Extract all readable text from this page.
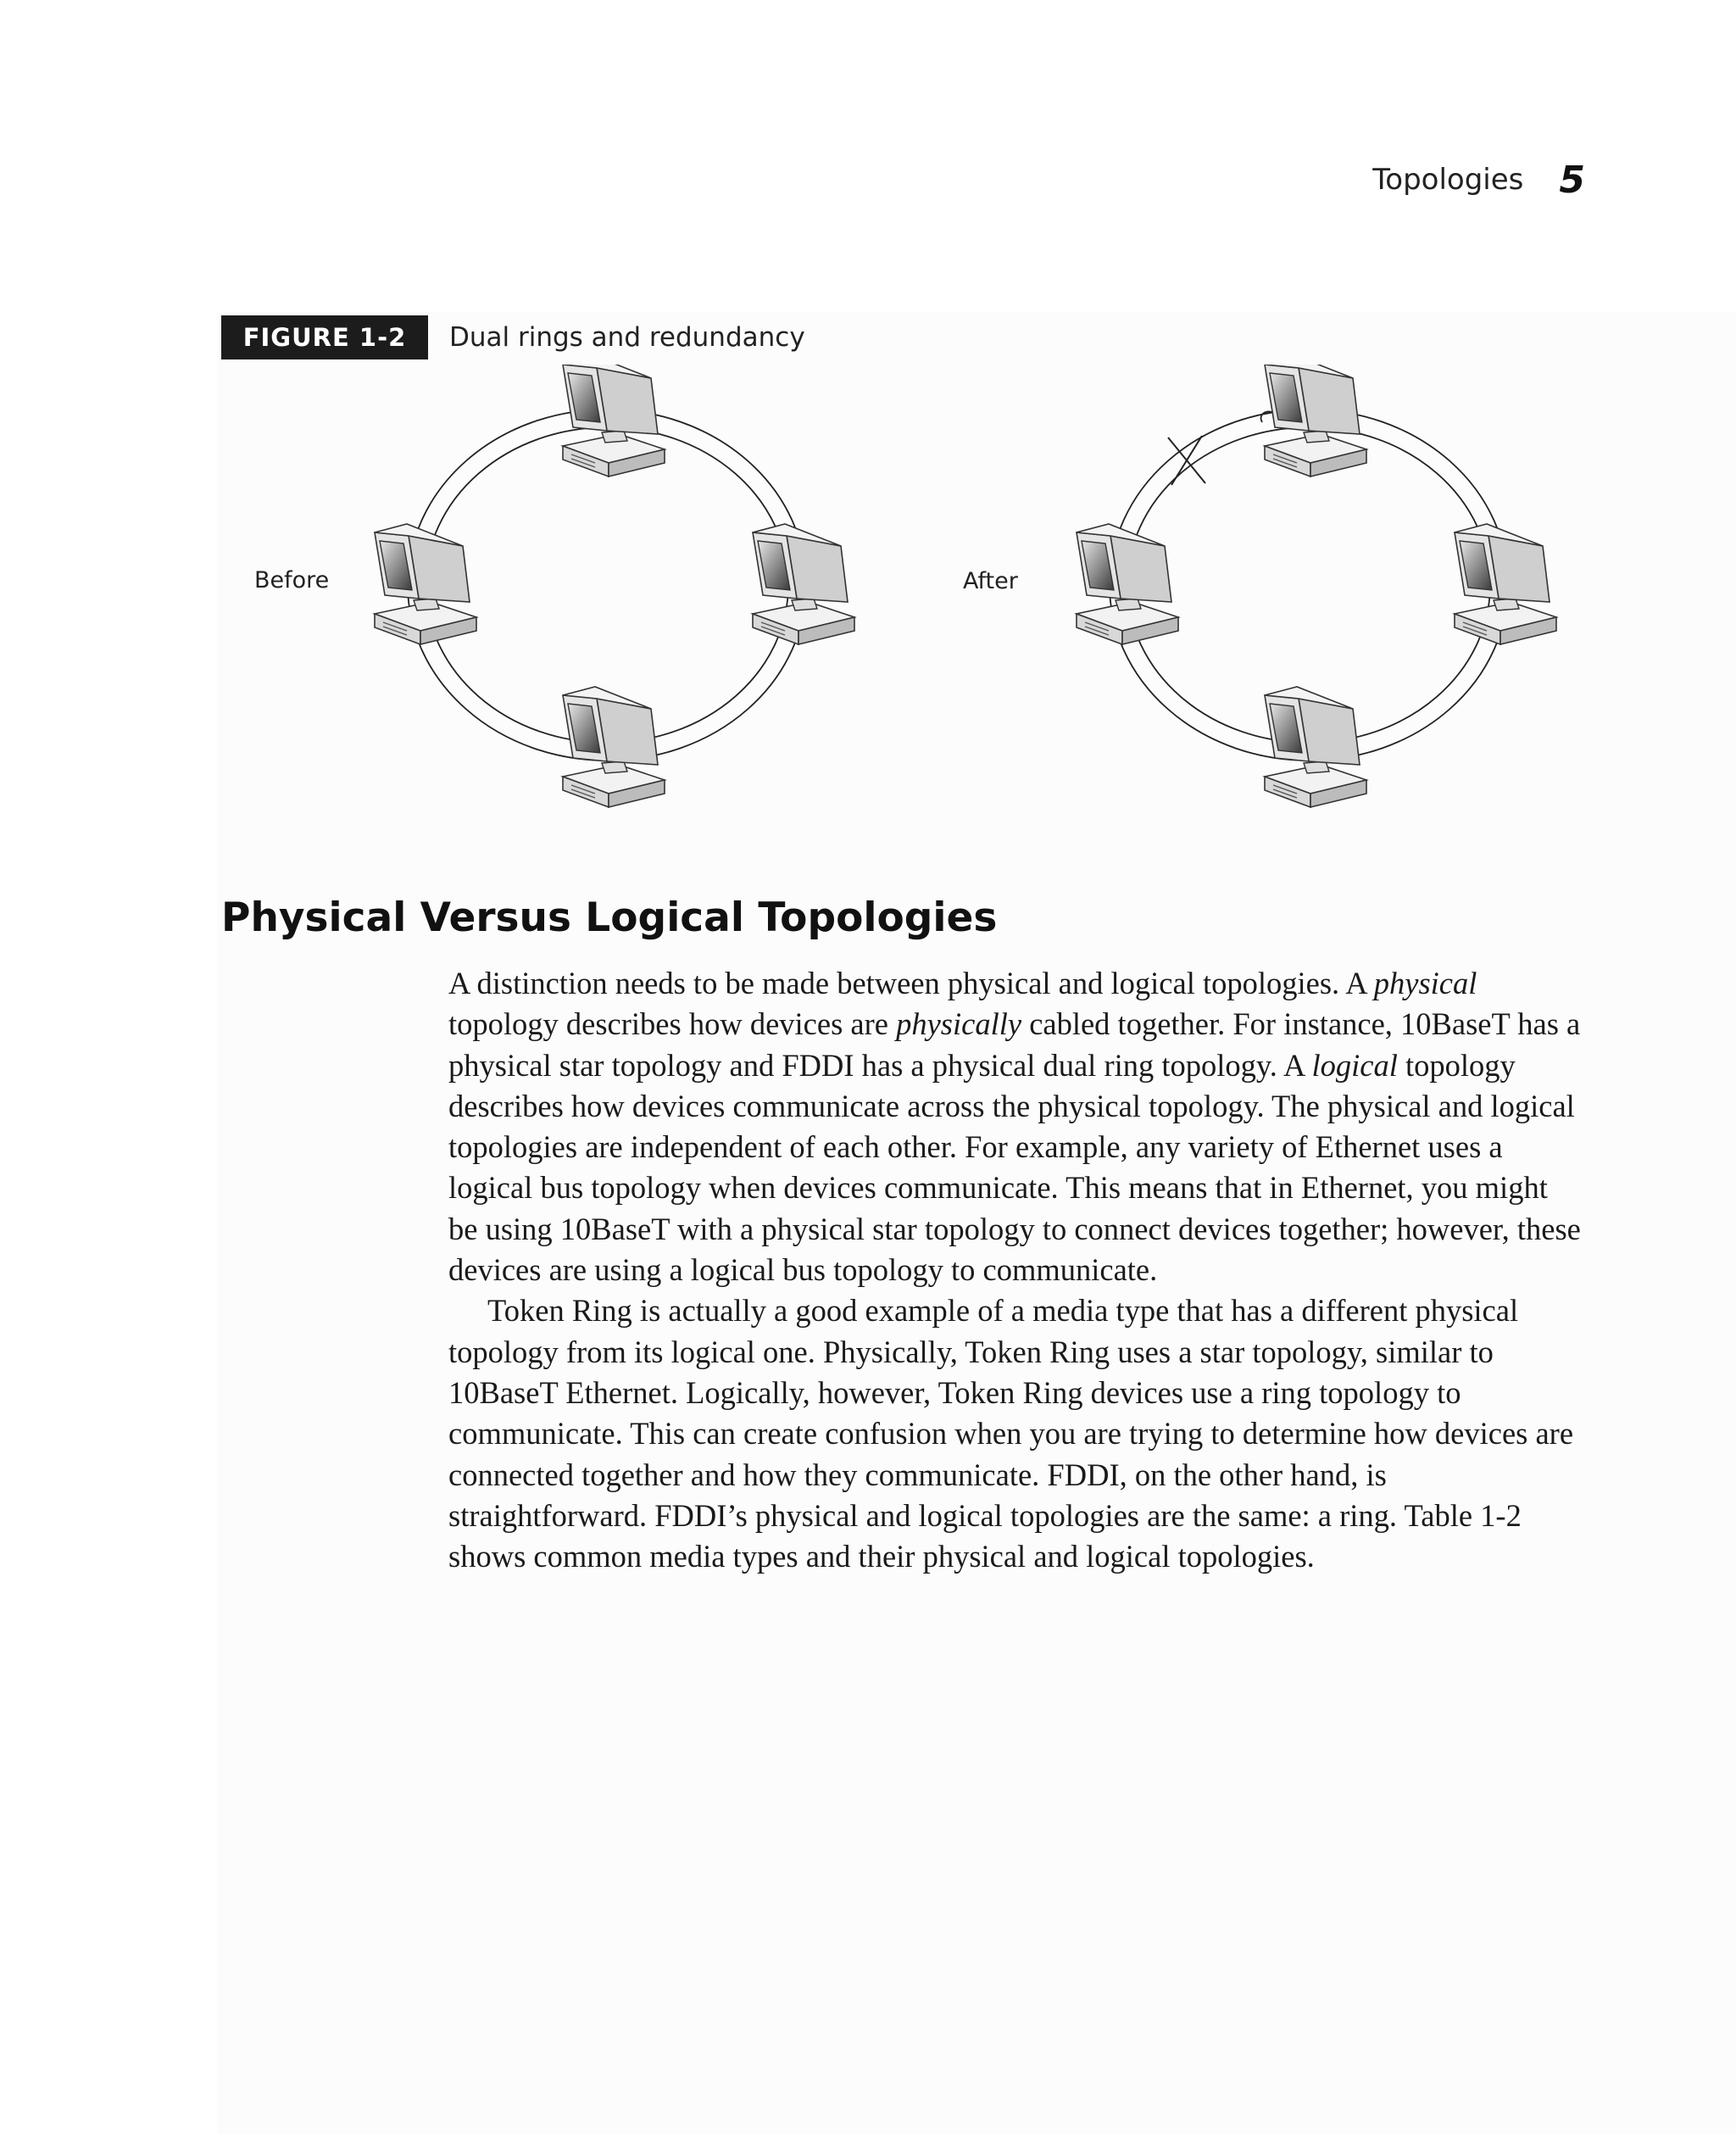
Topologies 5
FIGURE 1-2	Dual rings and redundancy
Before	After
Physical Versus Logical Topologies

A distinction needs to be made between physical and logical topologies. A physical topology describes how devices are physically cabled together. For instance, 10BaseT has a physical star topology and FDDI has a physical dual ring topology. A logical topology describes how devices communicate across the physical topology. The physical and logical topologies are independent of each other. For example, any variety of Ethernet uses a logical bus topology when devices communicate. This means that in Ethernet, you might be using 10BaseT with a physical star topology to connect devices together; however, these devices are using a logical bus topology to communicate.

Token Ring is actually a good example of a media type that has a different physical topology from its logical one. Physically, Token Ring uses a star topology, similar to 10BaseT Ethernet. Logically, however, Token Ring devices use a ring topology to communicate. This can create confusion when you are trying to determine how devices are connected together and how they communicate. FDDI, on the other hand, is straightforward. FDDI’s physical and logical topologies are the same: a ring. Table 1-2 shows common media types and their physical and logical topologies.
